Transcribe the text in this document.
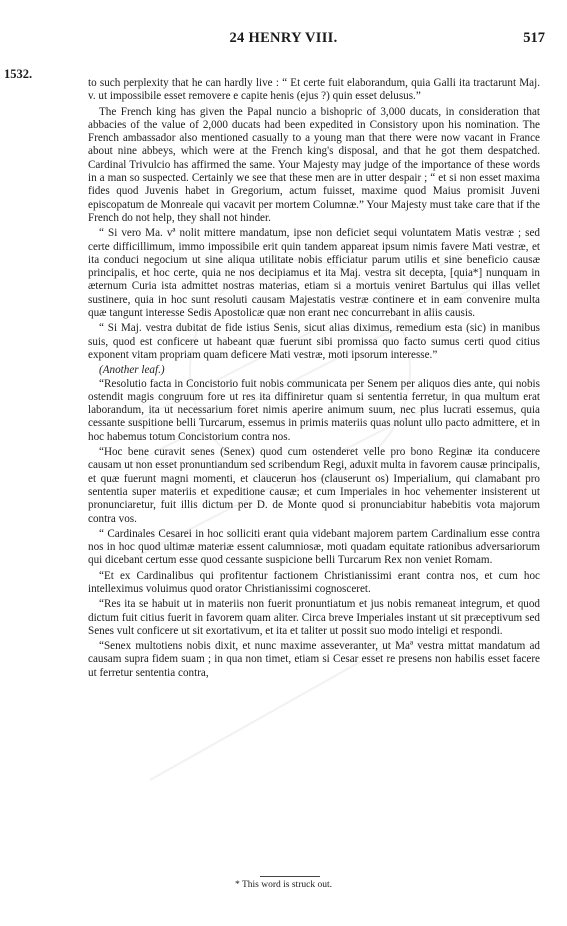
24 HENRY VIII.	517
1532.

to such perplexity that he can hardly live : “ Et certe fuit elaborandum, quia Galli ita tractarunt Maj. v. ut impossibile esset removere e capite henis (ejus ?) quin esset delusus.”

The French king has given the Papal nuncio a bishopric of 3,000 ducats, in consideration that abbacies of the value of 2,000 ducats had been expedited in Consistory upon his nomination. The French ambassador also mentioned casually to a young man that there were now vacant in France about nine abbeys, which were at the French king's disposal, and that he got them despatched. Cardinal Trivulcio has affirmed the same. Your Majesty may judge of the importance of these words in a man so suspected. Certainly we see that these men are in utter despair ; “ et si non esset maxima fides quod Juvenis habet in Gregorium, actum fuisset, maxime quod Maius promisit Juveni episcopatum de Monreale qui vacavit per mortem Columnæ.” Your Majesty must take care that if the French do not help, they shall not hinder.

“ Si vero Ma. vª nolit mittere mandatum, ipse non deficiet sequi voluntatem Matis vestræ ; sed certe difficillimum, immo impossibile erit quin tandem appareat ipsum nimis favere Mati vestræ, et ita conduci negocium ut sine aliqua utilitate nobis efficiatur parum utilis et sine beneficio causæ principalis, et hoc certe, quia ne nos decipiamus et ita Maj. vestra sit decepta, [quia*] nunquam in æternum Curia ista admittet nostras materias, etiam si a mortuis veniret Bartulus qui illas vellet sustinere, quia in hoc sunt resoluti causam Majestatis vestræ continere et in eam convenire multa quæ tangunt interesse Sedis Apostolicæ quæ non erant nec concurrebant in aliis causis.

“ Si Maj. vestra dubitat de fide istius Senis, sicut alias diximus, remedium esta (sic) in manibus suis, quod est conficere ut habeant quæ fuerunt sibi promissa quo facto sumus certi quod citius exponent vitam propriam quam deficere Mati vestræ, moti ipsorum interesse.”

(Another leaf.)

“Resolutio facta in Concistorio fuit nobis communicata per Senem per aliquos dies ante, qui nobis ostendit magis congruum fore ut res ita diffiniretur quam si sententia ferretur, in qua multum erat laborandum, ita ut necessarium foret nimis aperire animum suum, nec plus lucrati essemus, quia cessante suspitione belli Turcarum, essemus in primis materiis quas nolunt ullo pacto admittere, et in hoc habemus totum Concistorium contra nos.

“Hoc bene curavit senes (Senex) quod cum ostenderet velle pro bono Reginæ ita conducere causam ut non esset pronuntiandum sed scribendum Regi, aduxit multa in favorem causæ principalis, et quæ fuerunt magni momenti, et claucerun hos (clauserunt os) Imperialium, qui clamabant pro sententia super materiis et expeditione causæ; et cum Imperiales in hoc vehementer insisterent ut pronunciaretur, fuit illis dictum per D. de Monte quod si pronunciabitur habebitis vota majorum contra vos.

“ Cardinales Cesarei in hoc solliciti erant quia videbant majorem partem Cardinalium esse contra nos in hoc quod ultimæ materiæ essent calumniosæ, moti quadam equitate rationibus adversariorum qui dicebant certum esse quod cessante suspicione belli Turcarum Rex non veniet Romam.

“Et ex Cardinalibus qui profitentur factionem Christianissimi erant contra nos, et cum hoc intelleximus voluimus quod orator Christianissimi cognosceret.

“Res ita se habuit ut in materiis non fuerit pronuntiatum et jus nobis remaneat integrum, et quod dictum fuit citius fuerit in favorem quam aliter. Circa breve Imperiales instant ut sit præceptivum sed Senes vult conficere ut sit exortativum, et ita et taliter ut possit suo modo inteligi et respondi.

“Senex multotiens nobis dixit, et nunc maxime asseveranter, ut Maª vestra mittat mandatum ad causam supra fidem suam ; in qua non timet, etiam si Cesar esset re presens non habilis esset facere ut ferretur sententia contra,

* This word is struck out.
